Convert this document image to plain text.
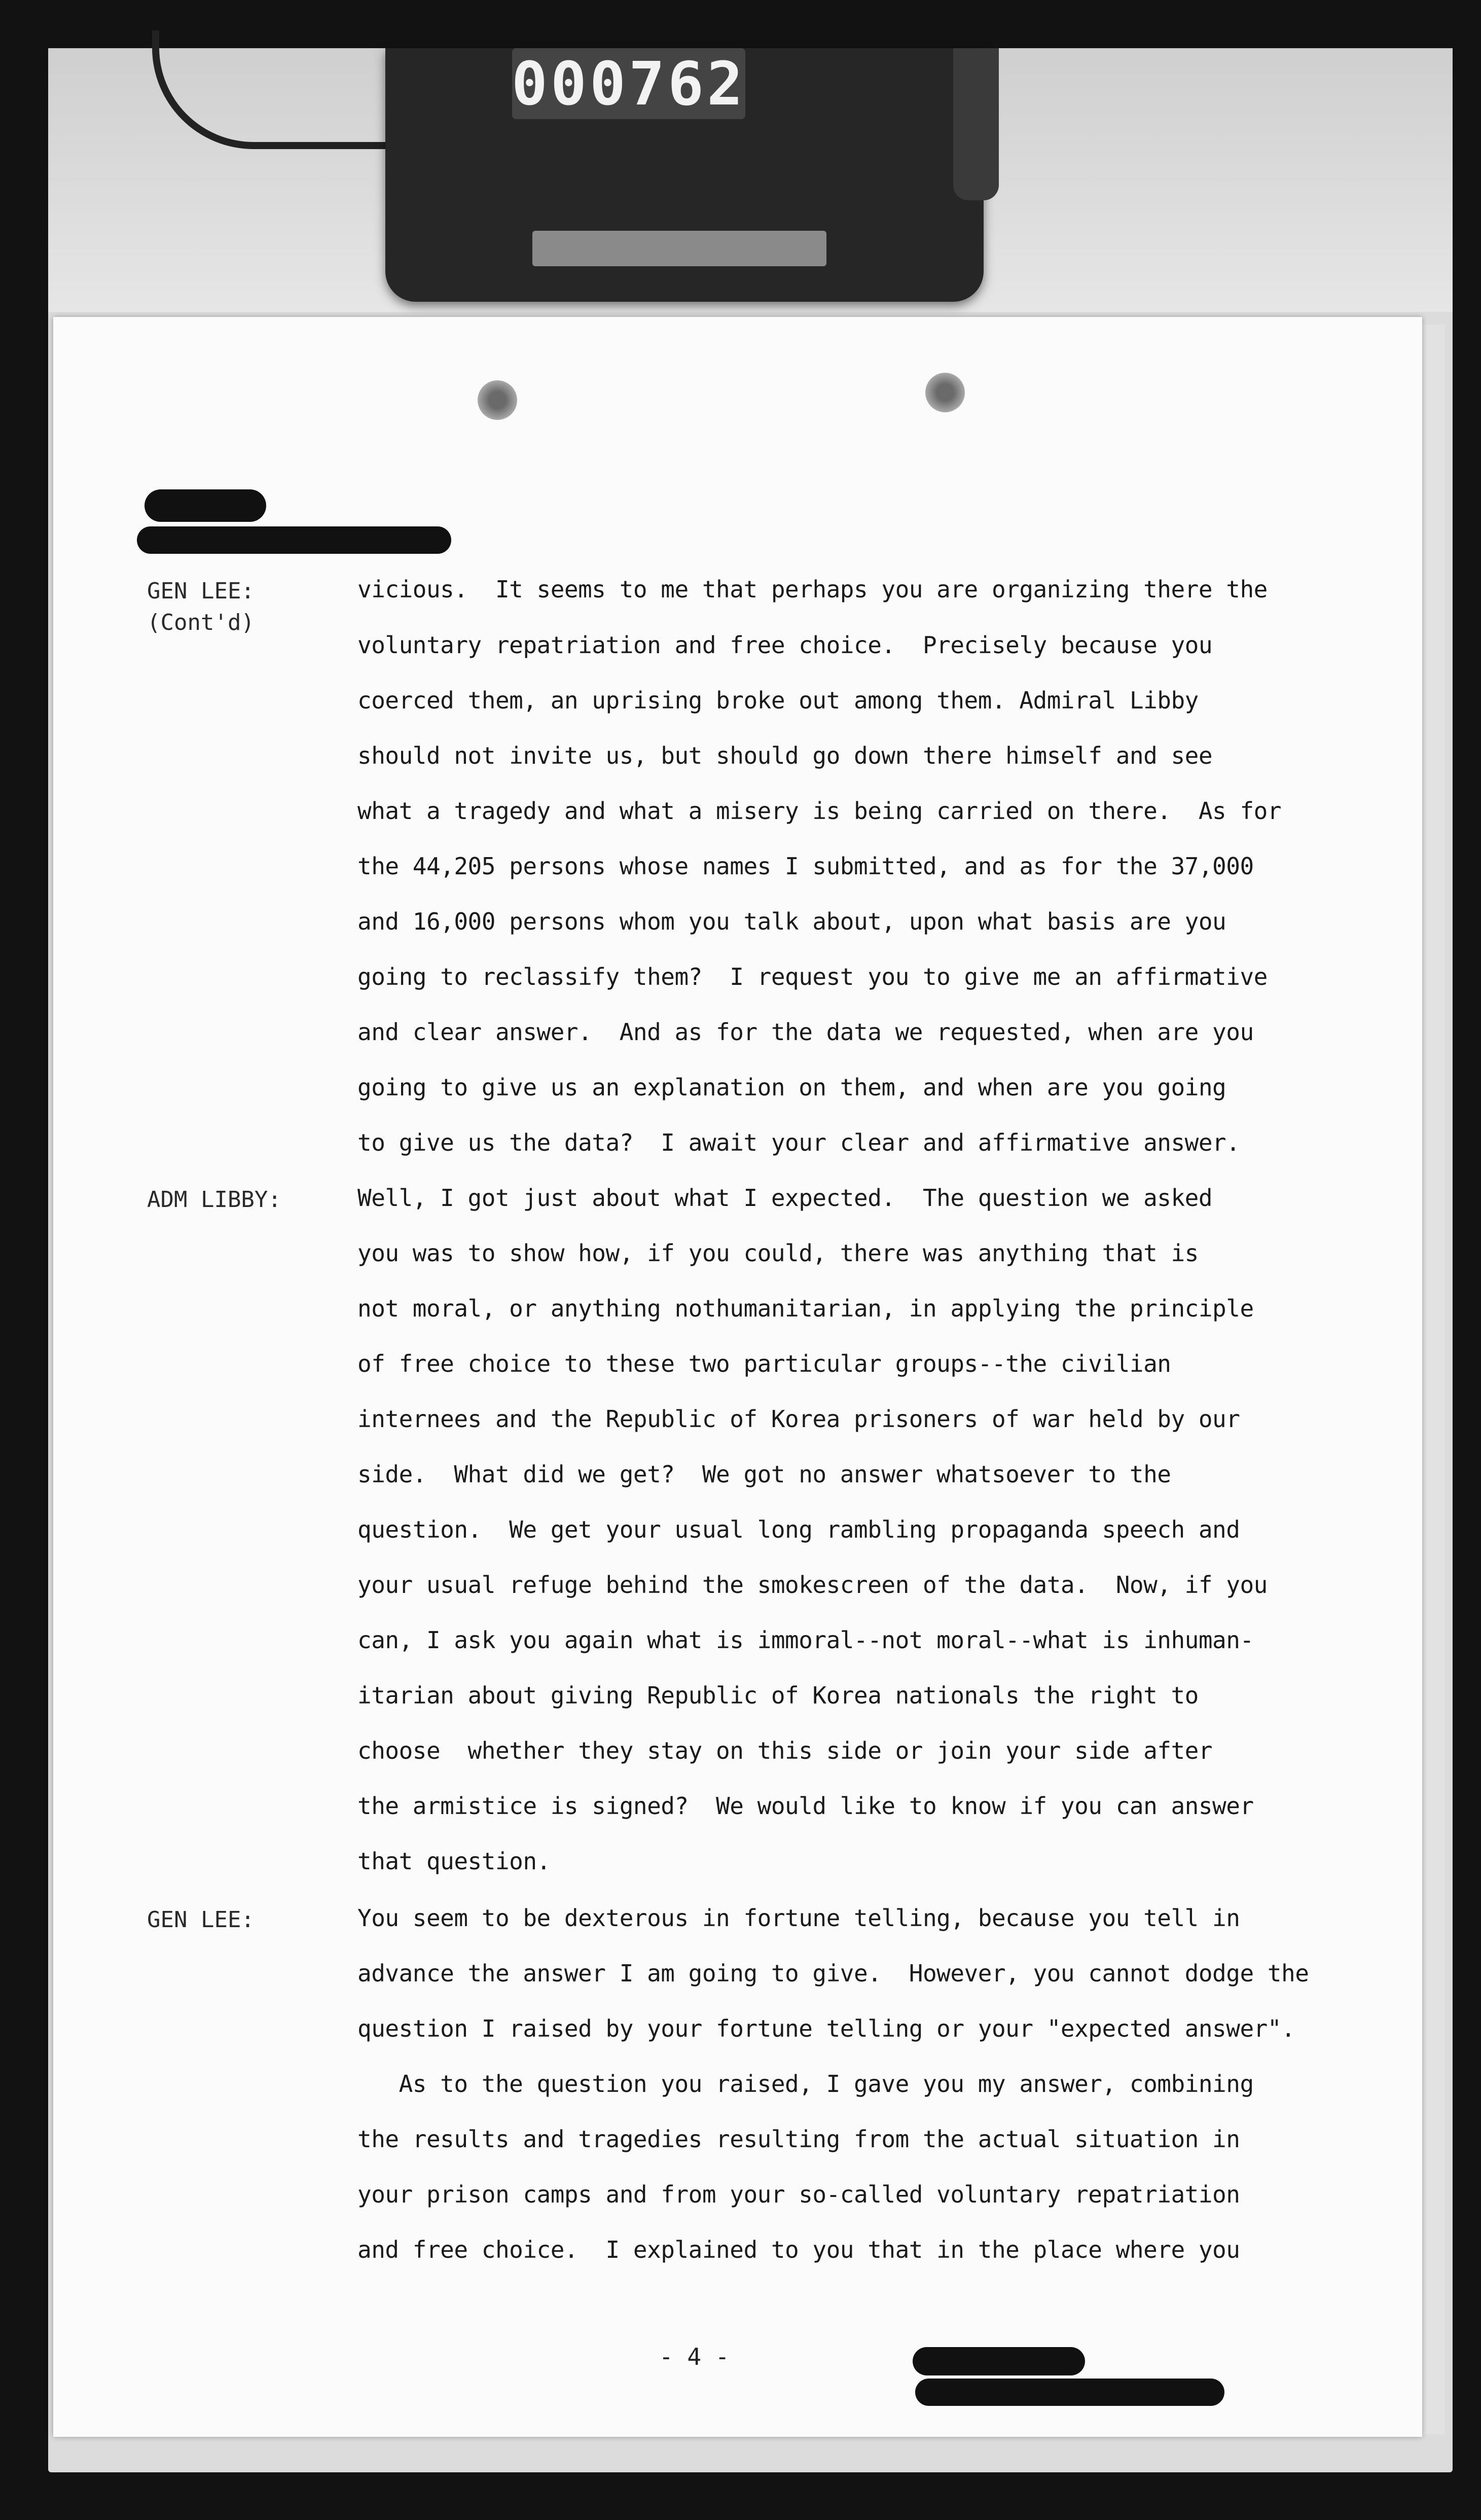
000762
GEN LEE:
(Cont'd)
ADM LIBBY:
GEN LEE:
vicious.  It seems to me that perhaps you are organizing there the
voluntary repatriation and free choice.  Precisely because you
coerced them, an uprising broke out among them. Admiral Libby
should not invite us, but should go down there himself and see
what a tragedy and what a misery is being carried on there.  As for
the 44,205 persons whose names I submitted, and as for the 37,000
and 16,000 persons whom you talk about, upon what basis are you
going to reclassify them?  I request you to give me an affirmative
and clear answer.  And as for the data we requested, when are you
going to give us an explanation on them, and when are you going
to give us the data?  I await your clear and affirmative answer.
Well, I got just about what I expected.  The question we asked
you was to show how, if you could, there was anything that is
not moral, or anything nothumanitarian, in applying the principle
of free choice to these two particular groups--the civilian
internees and the Republic of Korea prisoners of war held by our
side.  What did we get?  We got no answer whatsoever to the
question.  We get your usual long rambling propaganda speech and
your usual refuge behind the smokescreen of the data.  Now, if you
can, I ask you again what is immoral--not moral--what is inhuman-
itarian about giving Republic of Korea nationals the right to
choose  whether they stay on this side or join your side after
the armistice is signed?  We would like to know if you can answer
that question.
You seem to be dexterous in fortune telling, because you tell in
advance the answer I am going to give.  However, you cannot dodge the
question I raised by your fortune telling or your "expected answer".
As to the question you raised, I gave you my answer, combining
the results and tragedies resulting from the actual situation in
your prison camps and from your so-called voluntary repatriation
and free choice.  I explained to you that in the place where you
- 4 -
